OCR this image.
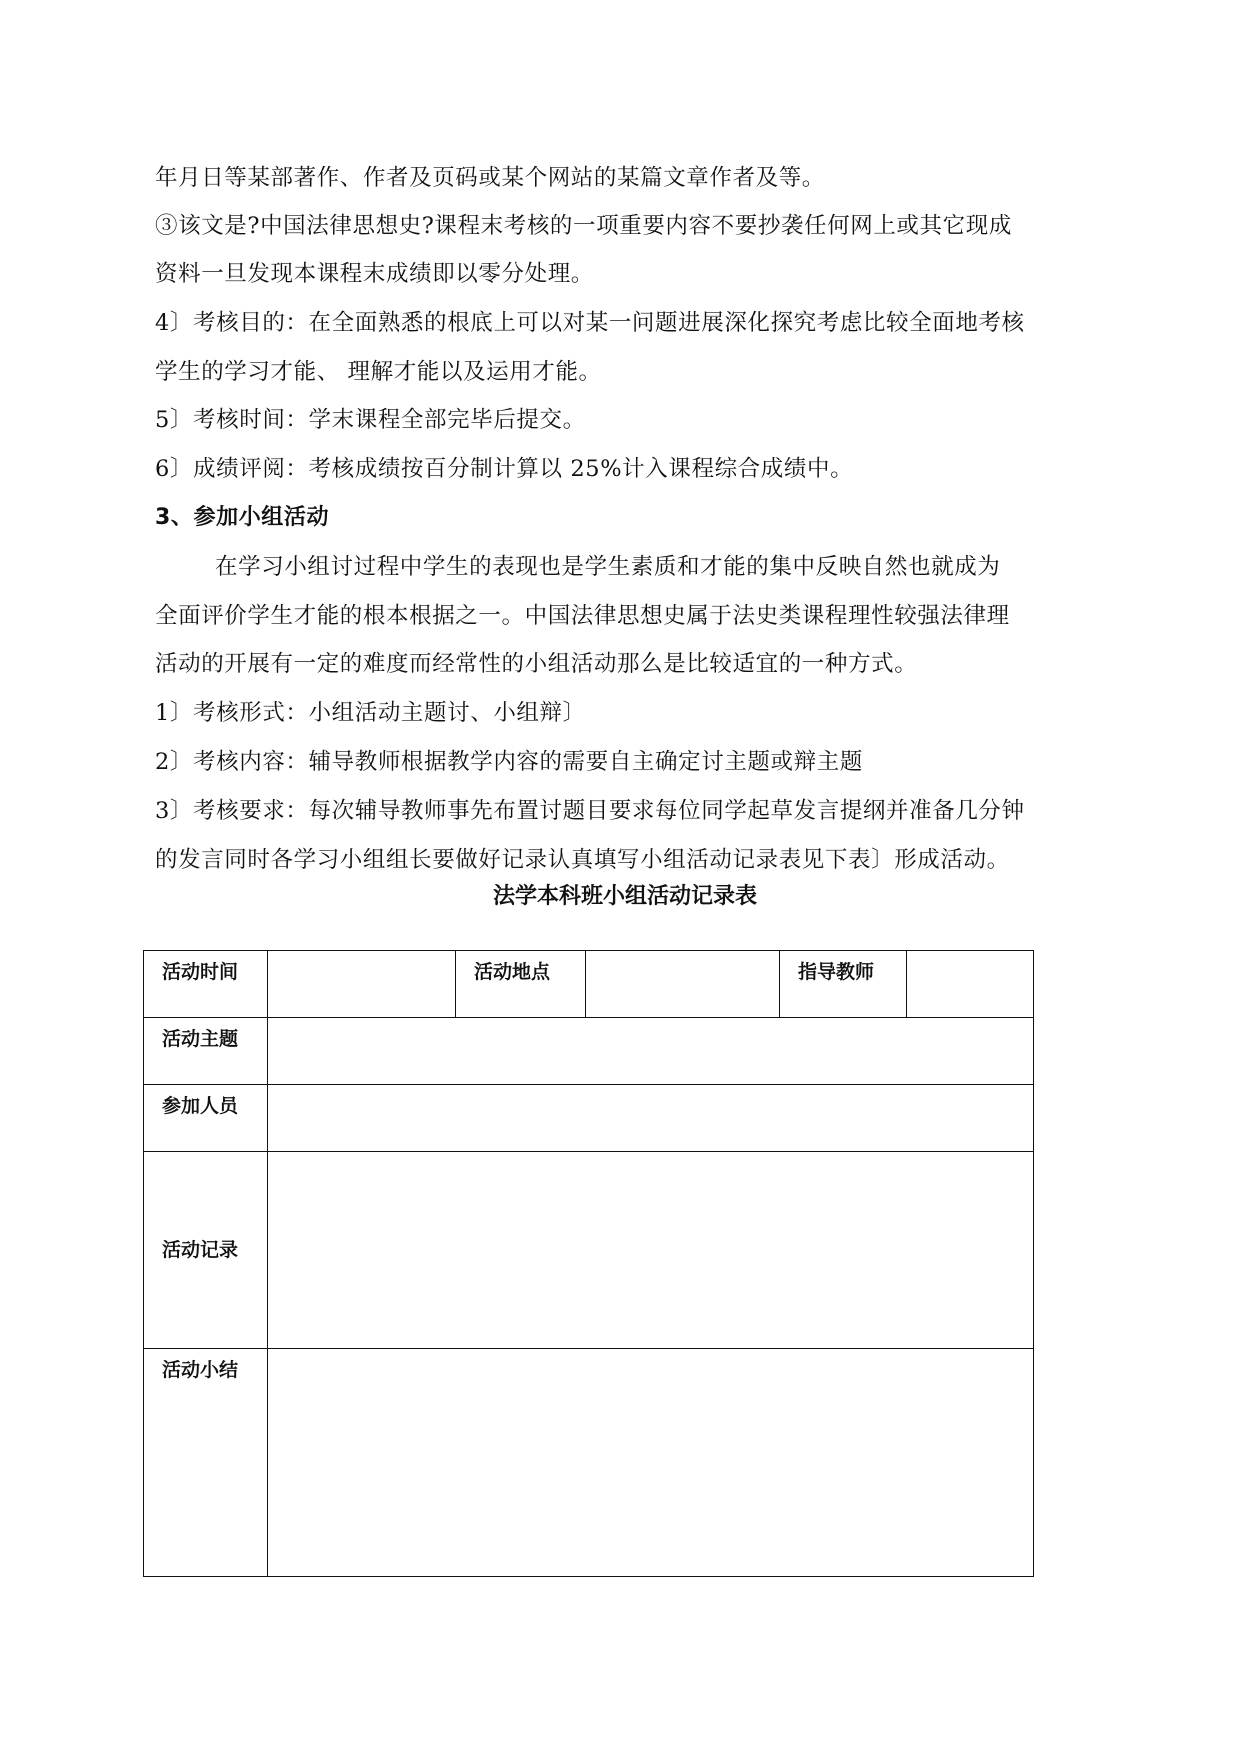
年月日等某部著作、作者及页码或某个网站的某篇文章作者及等。
③该文是?中国法律思想史?课程末考核的一项重要内容不要抄袭任何网上或其它现成
资料一旦发现本课程末成绩即以零分处理。
4〕考核目的：在全面熟悉的根底上可以对某一问题进展深化探究考虑比较全面地考核
学生的学习才能、 理解才能以及运用才能。
5〕考核时间：学末课程全部完毕后提交。
6〕成绩评阅：考核成绩按百分制计算以 25%计入课程综合成绩中。
3、参加小组活动
在学习小组讨过程中学生的表现也是学生素质和才能的集中反映自然也就成为
全面评价学生才能的根本根据之一。中国法律思想史属于法史类课程理性较强法律理
活动的开展有一定的难度而经常性的小组活动那么是比较适宜的一种方式。
1〕考核形式：小组活动主题讨、小组辩〕
2〕考核内容：辅导教师根据教学内容的需要自主确定讨主题或辩主题
3〕考核要求：每次辅导教师事先布置讨题目要求每位同学起草发言提纲并准备几分钟
的发言同时各学习小组组长要做好记录认真填写小组活动记录表见下表〕形成活动。
法学本科班小组活动记录表
活动时间		活动地点		指导教师	
活动主题					
参加人员					
活动记录					
活动小结					
